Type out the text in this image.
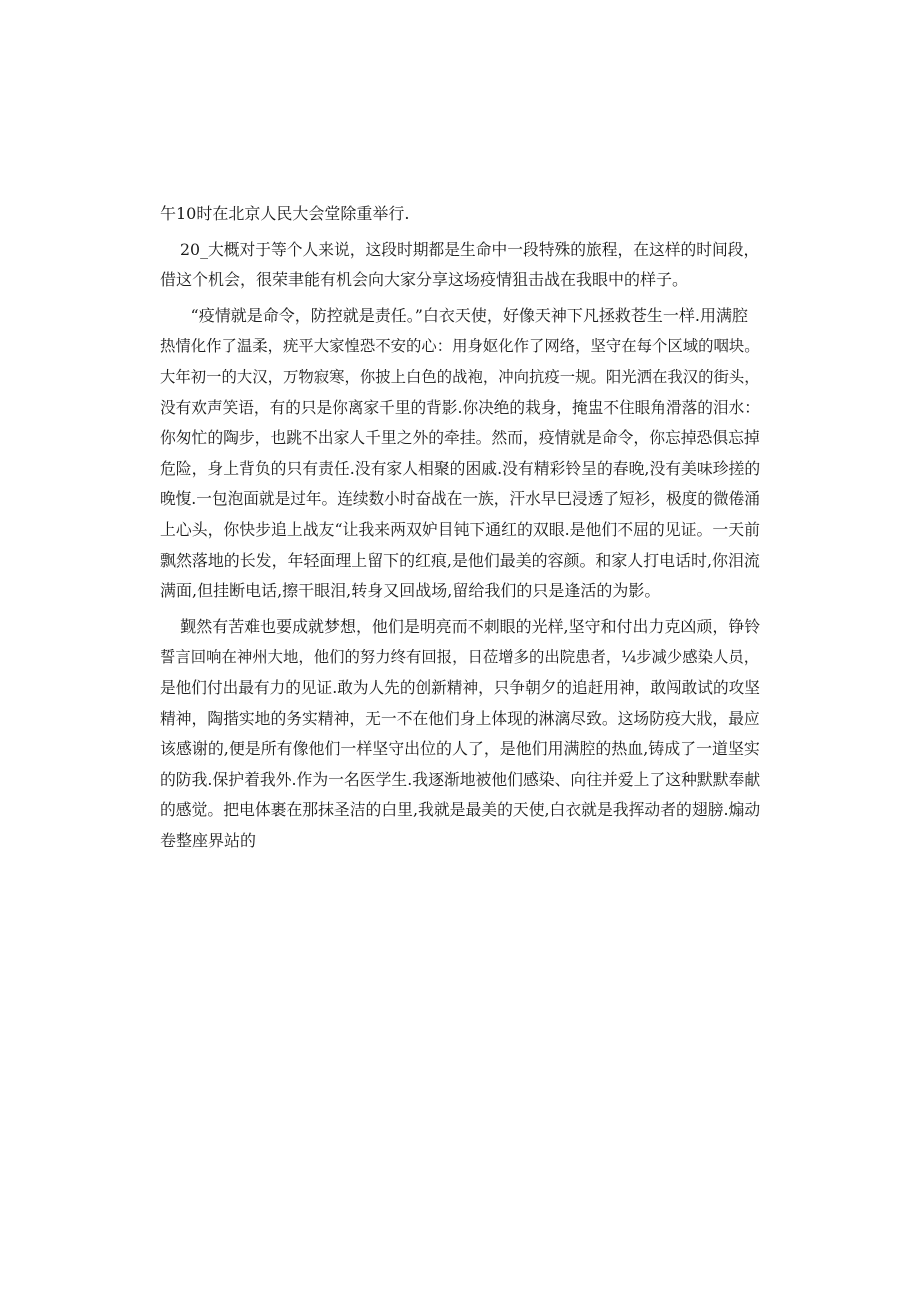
午10时在北京人民大会堂除重举行.
20_大概对于等个人来说，这段时期都是生命中一段特殊的旅程，在这样的时间段，
借这个机会，很荣聿能有机会向大家分享这场疫情狙击战在我眼中的样子。
“疫情就是命令，防控就是责任。”白衣天使，好像天神下凡拯救苍生一样.用满腔
热情化作了温柔，疣平大家惶恐不安的心：用身妪化作了网络，坚守在每个区域的咽块。
大年初一的大汉，万物寂寒，你披上白色的战袍，冲向抗疫一规。阳光洒在我汉的街头，
没有欢声笑语，有的只是你离家千里的背影.你决绝的栽身，掩盅不住眼角滑落的泪水：
你匆忙的陶步，也跳不出家人千里之外的牵挂。然而，疫情就是命令，你忘掉恐俱忘掉
危险，身上背负的只有责任.没有家人相聚的困戚.没有精彩铃呈的春晚,没有美味珍搓的
晚愎.一包泡面就是过年。连续数小时奋战在一族，汗水早巳浸透了短衫，极度的微倦涌
上心头，你快步追上战友“让我来两双妒目钝下通红的双眼.是他们不屈的见证。一天前
飘然落地的长发，年轻面理上留下的红痕,是他们最美的容颜。和家人打电话时,你泪流
满面,但挂断电话,擦干眼泪,转身又回战场,留给我们的只是逢活的为影。
觐然有苦难也要成就梦想，他们是明亮而不刺眼的光样,坚守和付出力克凶顽，铮铃
誓言回响在神州大地，他们的努力终有回报，日莅增多的出院患者，¼步减少感染人员，
是他们付出最有力的见证.敢为人先的创新精神，只争朝夕的追赶用神，敢闯敢试的攻坚
精神，陶揩实地的务实精神，无一不在他们身上体现的淋漓尽致。这场防疫大戕，最应
该感谢的,便是所有像他们一样坚守出位的人了，是他们用满腔的热血,铸成了一道坚实
的防我.保护着我外.作为一名医学生.我逐渐地被他们感染、向往并爱上了这种默默奉献
的感觉。把电体裹在那抹圣洁的白里,我就是最美的天使,白衣就是我挥动者的翅膀.煽动
卷整座界站的
